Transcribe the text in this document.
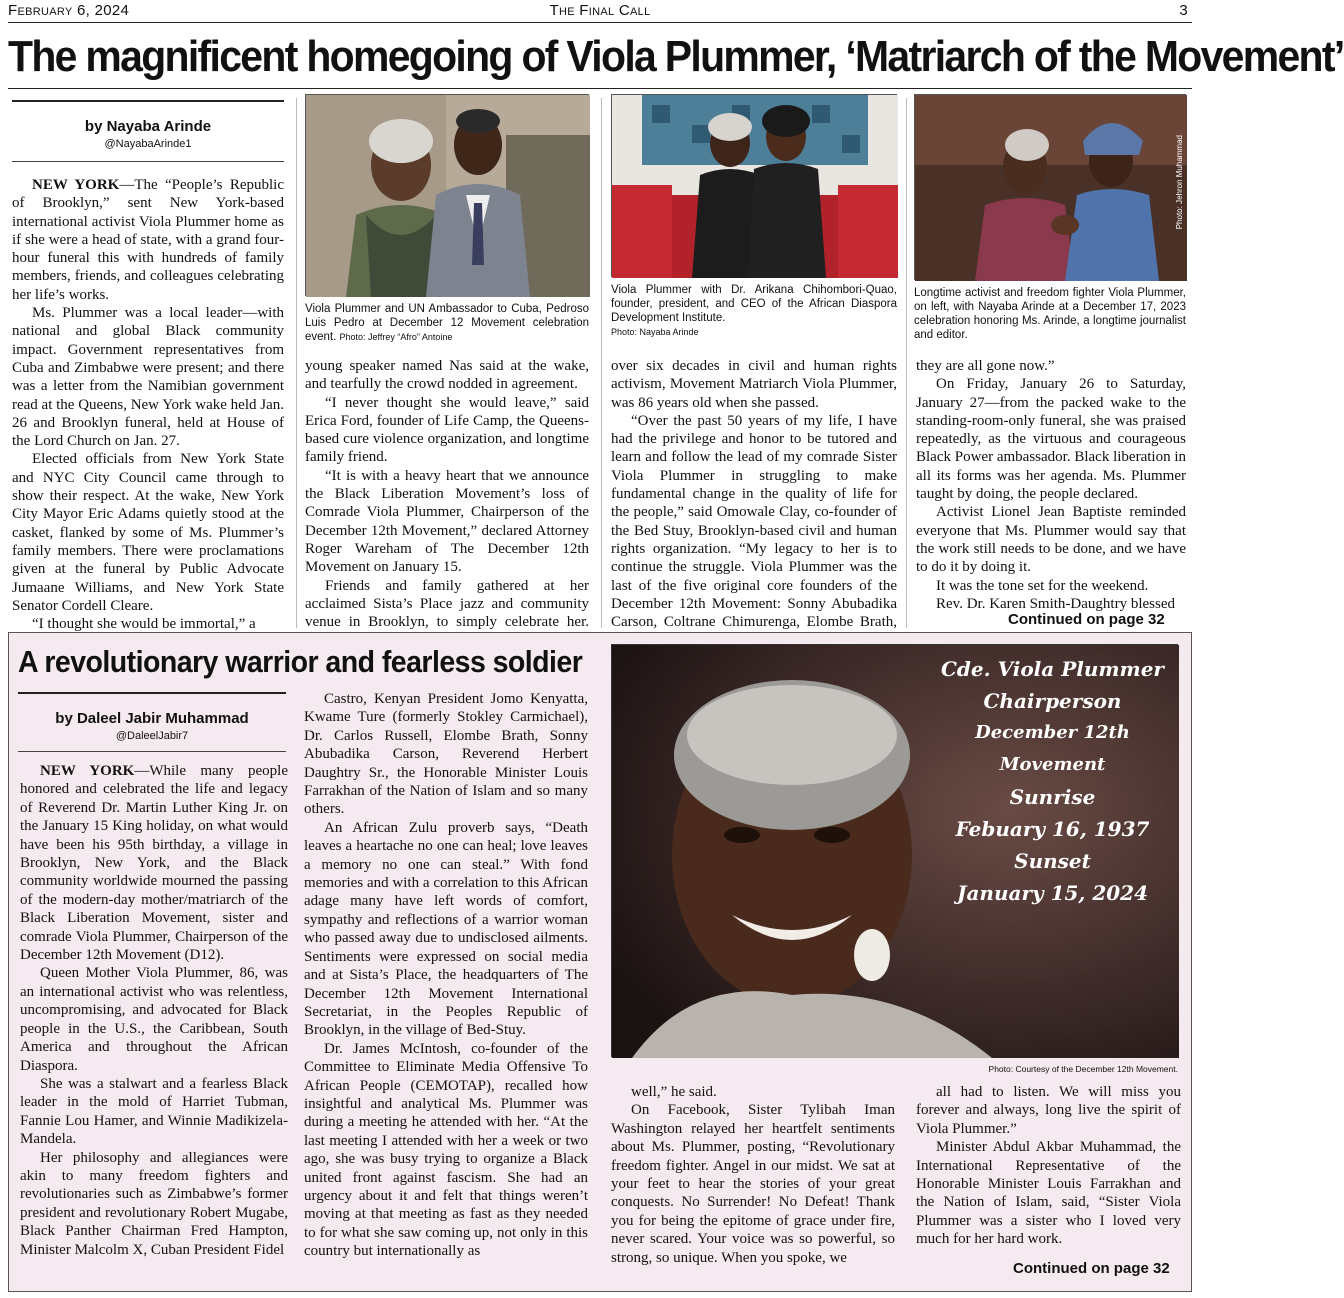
February 6, 2024	The Final Call	3
The magnificent homegoing of Viola Plummer, ‘Matriarch of the Movement’
by Nayaba Arinde
@NayabaArinde1

NEW YORK—The “People’s Republic of Brooklyn,” sent New York-based international activist Viola Plummer home as if she were a head of state, with a grand four-hour funeral this with hundreds of family members, friends, and colleagues celebrating her life’s works.

Ms. Plummer was a local leader—with national and global Black community impact. Government representatives from Cuba and Zimbabwe were present; and there was a letter from the Namibian government read at the Queens, New York wake held Jan. 26 and Brooklyn funeral, held at House of the Lord Church on Jan. 27.

Elected officials from New York State and NYC City Council came through to show their respect. At the wake, New York City Mayor Eric Adams quietly stood at the casket, flanked by some of Ms. Plummer’s family members. There were proclamations given at the funeral by Public Advocate Jumaane Williams, and New York State Senator Cordell Cleare.

“I thought she would be immortal,” a

young speaker named Nas said at the wake, and tearfully the crowd nodded in agreement.

“I never thought she would leave,” said Erica Ford, founder of Life Camp, the Queens-based cure violence organization, and longtime family friend.

“It is with a heavy heart that we announce the Black Liberation Movement’s loss of Comrade Viola Plummer, Chairperson of the December 12th Movement,” declared Attorney Roger Wareham of The December 12th Movement on January 15.

Friends and family gathered at her acclaimed Sista’s Place jazz and community venue in Brooklyn, to simply celebrate her.

over six decades in civil and human rights activism, Movement Matriarch Viola Plummer, was 86 years old when she passed.

“Over the past 50 years of my life, I have had the privilege and honor to be tutored and learn and follow the lead of my comrade Sister Viola Plummer in struggling to make fundamental change in the quality of life for the people,” said Omowale Clay, co-founder of the Bed Stuy, Brooklyn-based civil and human rights organization. “My legacy to her is to continue the struggle. Viola Plummer was the last of the five original core founders of the December 12th Movement: Sonny Abubadika Carson, Coltrane Chimurenga, Elombe Brath,

they are all gone now.”

On Friday, January 26 to Saturday, January 27—from the packed wake to the standing-room-only funeral, she was praised repeatedly, as the virtuous and courageous Black Power ambassador. Black liberation in all its forms was her agenda. Ms. Plummer taught by doing, the people declared.

Activist Lionel Jean Baptiste reminded everyone that Ms. Plummer would say that the work still needs to be done, and we have to do it by doing it.

It was the tone set for the weekend.

Rev. Dr. Karen Smith-Daughtry blessed

Continued on page 32
Viola Plummer and UN Ambassador to Cuba, Pedroso Luis Pedro at December 12 Movement celebration event. Photo: Jeffrey “Afro” Antoine
Viola Plummer with Dr. Arikana Chihombori-Quao, founder, president, and CEO of the African Diaspora Development Institute.
Photo: Nayaba Arinde
Photo: Jehron Muhammad
Longtime activist and freedom fighter Viola Plummer, on left, with Nayaba Arinde at a December 17, 2023 celebration honoring Ms. Arinde, a longtime journalist and editor.
A revolutionary warrior and fearless soldier
by Daleel Jabir Muhammad
@DaleelJabir7

NEW YORK—While many people honored and celebrated the life and legacy of Reverend Dr. Martin Luther King Jr. on the January 15 King holiday, on what would have been his 95th birthday, a village in Brooklyn, New York, and the Black community worldwide mourned the passing of the modern-day mother/matriarch of the Black Liberation Movement, sister and comrade Viola Plummer, Chairperson of the December 12th Movement (D12).

Queen Mother Viola Plummer, 86, was an international activist who was relentless, uncompromising, and advocated for Black people in the U.S., the Caribbean, South America and throughout the African Diaspora.

She was a stalwart and a fearless Black leader in the mold of Harriet Tubman, Fannie Lou Hamer, and Winnie Madikizela-Mandela.

Her philosophy and allegiances were akin to many freedom fighters and revolutionaries such as Zimbabwe’s former president and revolutionary Robert Mugabe, Black Panther Chairman Fred Hampton, Minister Malcolm X, Cuban President Fidel

Castro, Kenyan President Jomo Kenyatta, Kwame Ture (formerly Stokley Carmichael), Dr. Carlos Russell, Elombe Brath, Sonny Abubadika Carson, Reverend Herbert Daughtry Sr., the Honorable Minister Louis Farrakhan of the Nation of Islam and so many others.

An African Zulu proverb says, “Death leaves a heartache no one can heal; love leaves a memory no one can steal.” With fond memories and with a correlation to this African adage many have left words of comfort, sympathy and reflections of a warrior woman who passed away due to undisclosed ailments. Sentiments were expressed on social media and at Sista’s Place, the headquarters of The December 12th Movement International Secretariat, in the Peoples Republic of Brooklyn, in the village of Bed-Stuy.

Dr. James McIntosh, co-founder of the Committee to Eliminate Media Offensive To African People (CEMOTAP), recalled how insightful and analytical Ms. Plummer was during a meeting he attended with her. “At the last meeting I attended with her a week or two ago, she was busy trying to organize a Black united front against fascism. She had an urgency about it and felt that things weren’t moving at that meeting as fast as they needed to for what she saw coming up, not only in this country but internationally as

well,” he said.

On Facebook, Sister Tylibah Iman Washington relayed her heartfelt sentiments about Ms. Plummer, posting, “Revolutionary freedom fighter. Angel in our midst. We sat at your feet to hear the stories of your great conquests. No Surrender! No Defeat! Thank you for being the epitome of grace under fire, never scared. Your voice was so powerful, so strong, so unique. When you spoke, we

all had to listen. We will miss you forever and always, long live the spirit of Viola Plummer.”

Minister Abdul Akbar Muhammad, the International Representative of the Honorable Minister Louis Farrakhan and the Nation of Islam, said, “Sister Viola Plummer was a sister who I loved very much for her hard work.

Continued on page 32
Cde. Viola Plummer
Chairperson
December 12th Movement
Sunrise
Febuary 16, 1937
Sunset
January 15, 2024
Photo: Courtesy of the December 12th Movement.
